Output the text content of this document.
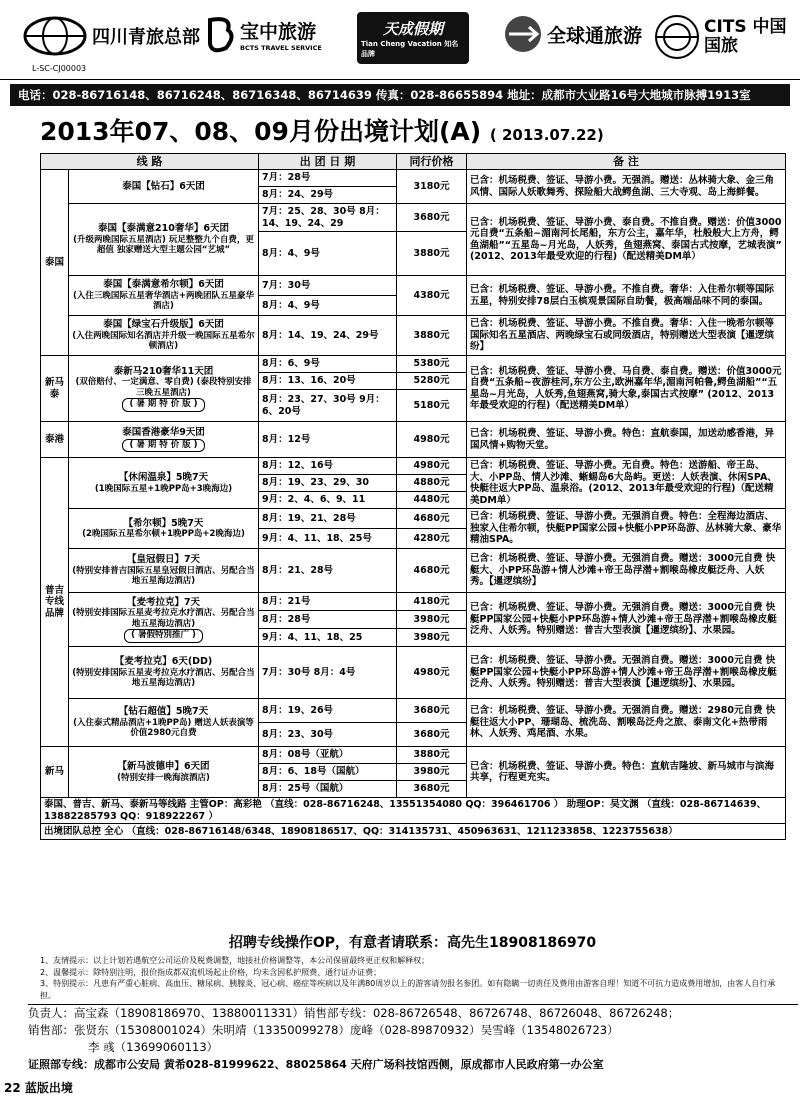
四川青旅总部
L-SC-CJ00003
宝中旅游
BCTS TRAVEL SERVICE
天成假期
Tian Cheng Vacation 知名品牌
全球通旅游	CITS 中国国旅
电话：028-86716148、86716248、86716348、86714639 传真：028-86655894 地址：成都市大业路16号大地城市脉搏1913室
2013年07、08、09月份出境计划(A) ( 2013.07.22)
线 路		出 团 日 期	同行价格	备 注
泰国	泰国【钻石】6天团	7月：28号	3180元	已含：机场税费、签证、导游小费。无强消。赠送：丛林骑大象、金三角风情、国际人妖歌舞秀、探险船大战鳄鱼湖、三大寺观、岛上海鲜餐。
		8月：24、29号		
	泰国【泰满意210奢华】6天团
(升级两晚国际五星酒店) 玩足整整九个自费，更超值 独家赠送大型主题公园“艺城”	7月：25、28、30号 8月：14、19、24、29	3680元	已含：机场税费、签证、导游小费、泰自费。不推自费。赠送：价值3000元自费“五条船~湄南河长尾船，东方公主，嘉年华，杜般般大上方舟，鳄鱼湖船”“五星岛~月光岛，人妖秀，鱼翅燕窝、泰国古式按摩，艺城表演” (2012、2013年最受欢迎的行程)（配送精美DM单）
		8月：4、9号	3880元	
	泰国【泰满意希尔顿】6天团
(入住三晚国际五星奢华酒店+两晚团队五星豪华酒店)	7月：30号	4380元	已含：机场税费、签证、导游小费。不推自费。奢华：入住希尔顿等国际五星，特别安排78层白玉槟观景国际自助餐，极高端品味不同的泰国。
		8月：4、9号		
	泰国【绿宝石升级版】6天团
(入住两晚国际知名酒店并升级一晚国际五星希尔顿酒店)	8月：14、19、24、29号	3880元	已含：机场税费、签证、导游小费。不推自费。奢华：入住一晚希尔顿等国际知名五星酒店、两晚绿宝石或同级酒店，特别赠送大型表演【暹逻缤纷】

新马泰	泰新马210奢华11天团
(双倍赔付、一定满意、零自费) (泰段特别安排三晚五星酒店)
( 暑 期 特 价 版 )	8月：6、9号	5380元	已含：机场税费、签证、导游小费、马自费、泰自费。赠送：价值3000元自费“五条船~夜游桂河,东方公主,欧洲嘉年华,湄南河帕鲁,鳄鱼湖船”“五星岛~月光岛，人妖秀,鱼翅燕窝,骑大象,泰国古式按摩” (2012、2013年最受欢迎的行程)（配送精美DM单）
		8月：13、16、20号	5280元	
		8月：23、27、30号 9月：6、20号	5180元	
泰港	泰国香港豪华9天团
( 暑 期 特 价 版 )	8月：12号	4980元	已含：机场税费、签证、导游小费。特色：直航泰国，加送动感香港，异国风情+购物天堂。
普吉专线品牌	【休闲温泉】5晚7天
(1晚国际五星+1晚PP岛+3晚海边)	8月：12、16号	4980元	已含：机场税费、签证、导游小费。无自费。特色：送游船、帝王岛、大、小PP岛、情人沙滩、蜥蜴岛6大岛屿。更送：人妖表演、休闲SPA、快艇往返大PP岛、温泉浴。(2012、2013年最受欢迎的行程)（配送精美DM单）
		8月：19、23、29、30	4880元	
		9月：2、4、6、9、11	4480元	
	【希尔顿】5晚7天
(2晚国际五星希尔顿+1晚PP岛+2晚海边)	8月：19、21、28号	4680元	已含：机场税费、签证、导游小费。无强消自费。特色：全程海边酒店、独家入住希尔顿，快艇PP国家公园+快艇小PP环岛游、丛林骑大象、豪华精油SPA。
		9月：4、11、18、25号	4280元	
	【皇冠假日】7天
(特别安排普吉国际五星皇冠假日酒店、另配合当地五星海边酒店)	8月：21、28号	4680元	已含：机场税费、签证、导游小费。无强消自费。赠送：3000元自费 快艇大、小PP环岛游+情人沙滩+帝王岛浮潜+割喉岛橡皮艇泛舟、人妖秀。【暹逻缤纷】
	【麦考拉克】7天
(特别安排国际五星麦考拉克水疗酒店、另配合当地五星海边酒店)
( 暑假特別推广 )	8月：21号	4180元	已含：机场税费、签证、导游小费。无强消自费。赠送：3000元自费 快艇PP国家公园+快艇小PP环岛游+情人沙滩+帝王岛浮潜+割喉岛橡皮艇泛舟、人妖秀。特别赠送：普吉大型表演【暹逻缤纷】、水果园。
		8月：28号	3980元	
		9月：4、11、18、25	3980元	
	【麦考拉克】6天(DD)
(特别安排国际五星麦考拉克水疗酒店、另配合当地五星海边酒店)	7月：30号 8月：4号	4980元	已含：机场税费、签证、导游小费。无强消自费。赠送：3000元自费 快艇PP国家公园+快艇小PP环岛游+情人沙滩+帝王岛浮潜+割喉岛橡皮艇泛舟、人妖秀。特别赠送：普吉大型表演【暹逻缤纷】、水果园。
	【钻石超值】5晚7天
(入住泰式精品酒店+1晚PP岛) 赠送人妖表演等价值2980元自费	8月：19、26号	3680元	已含：机场税费、签证、导游小费。无强消自费。赠送：2980元自费 快艇往返大小PP、珊瑚岛、梳洗岛、割喉岛泛舟之旅、泰南文化+热带雨林、人妖秀、鸡尾酒、水果。
		8月：23、30号	3680元	

新马	【新马波德申】6天团
(特别安排一晚海滨酒店)	8月：08号（亚航）	3880元	已含：机场税费、签证、导游小费。特色：直航吉隆坡、新马城市与滨海共享，行程更充实。
		8月：6、18号（国航）	3980元	
		8月：25号（国航）	3680元	
泰国、普吉、新马、泰新马等线路 主管OP：高彩艳 （直线：028-86716248、13551354080 QQ：396461706 ） 助理OP：吴文渊 （直线：028-86714639、13882285793 QQ：918922267 ）				
出境团队总控 全心 （直线：028-86716148/6348、18908186517、QQ：314135731、450963631、1211233858、1223755638）				
招聘专线操作OP，有意者请联系：高先生18908186970
1、友情提示：以上计划若遇航空公司运价及税费调整，地接社价格调整等，本公司保留最终更正权和解释权；
2、温馨提示：除特别注明，报价指成都双流机场起止价格，均未含因私护照费、通行证办证费；
3、特别提示：凡患有严重心脏病、高血压、糖尿病、胰腺炎、冠心病、癌症等疾病以及年满80周岁以上的游客请勿报名参团。如有隐瞒一切责任及费用由游客自理！知道不可抗力造成费用增加，由客人自行承担。
负责人：高宝森（18908186970、13880011331）销售部专线：028-86726548、86726748、86726048、86726248；
销售部：张贤东（15308001024）朱明靖（13350099278）庞峰（028-89870932）吴雪峰（13548026723）
李 彧（13699060113）
证照部专线：成都市公安局 黄希028-81999622、88025864 天府广场科技馆西侧，原成都市人民政府第一办公室
22 蓝版出境
